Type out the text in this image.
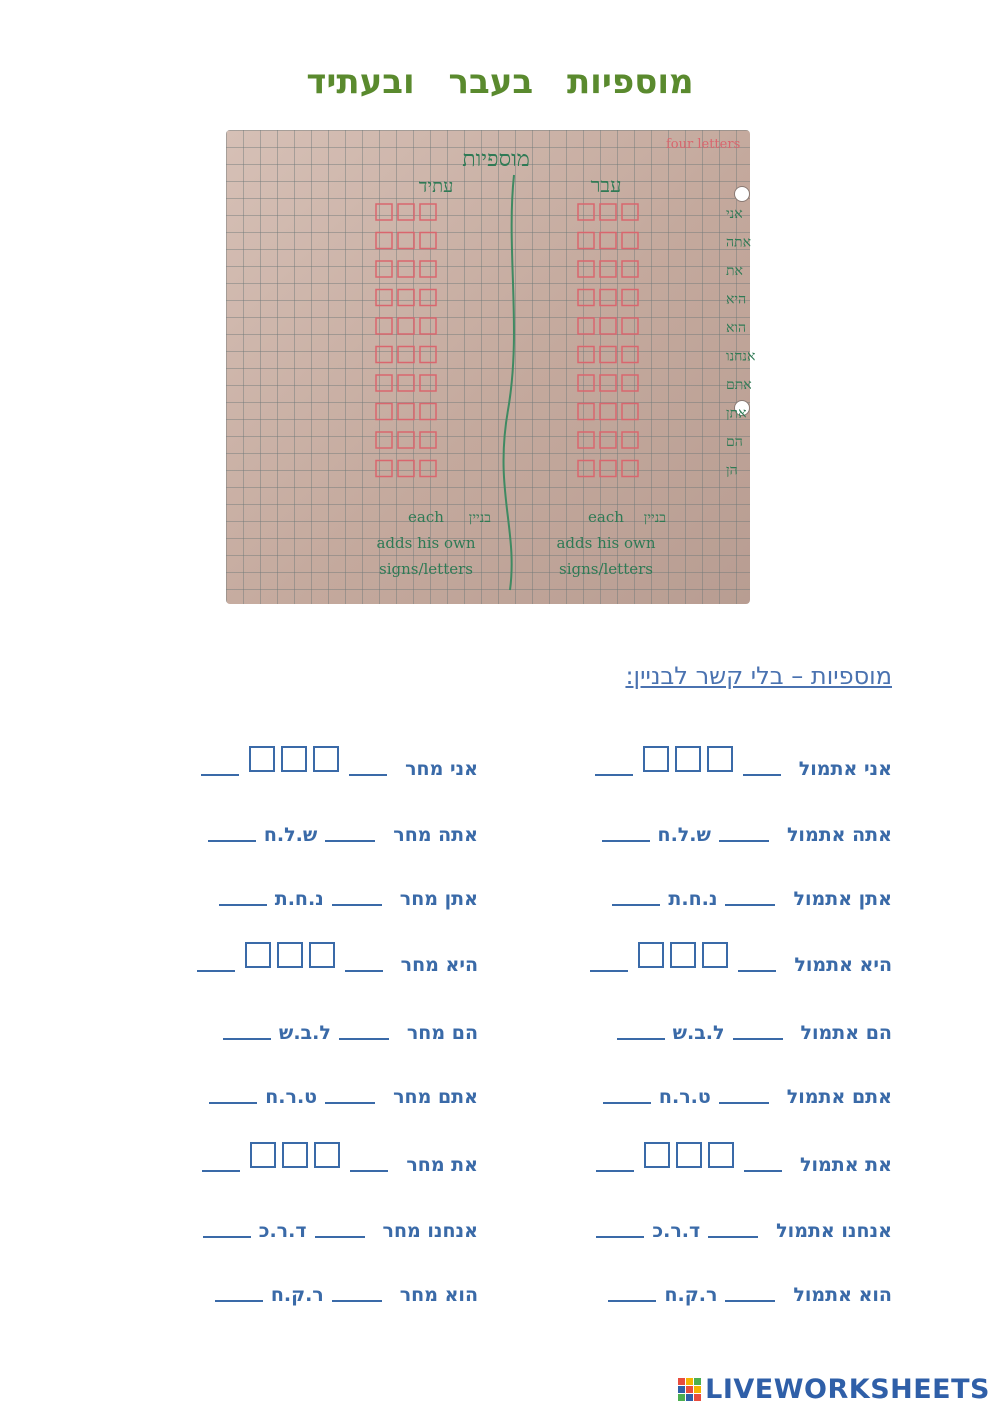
מוספיות בעבר ובעתיד
four letters
מוספיות
עבר
עתיד
אני
אתה
את
היא
הוא
אנחנו
אתם
אתן
הם
הן
each
adds his own
signs/letters
each
adds his own
signs/letters
בניין
בניין
מוספיות – בלי קשר לבניין:
אני אתמול
אני מחר
אתה אתמול
ש.ל.ח
אתה מחר
ש.ל.ח
אתן אתמול
נ.ח.ת
אתן מחר
נ.ח.ת
היא אתמול
היא מחר
הם אתמול
ל.ב.ש
הם מחר
ל.ב.ש
אתם אתמול
ט.ר.ח
אתם מחר
ט.ר.ח
את אתמול
את מחר
אנחנו אתמול
ד.ר.כ
אנחנו מחר
ד.ר.כ
הוא אתמול
ר.ק.ח
הוא מחר
ר.ק.ח
LIVEWORKSHEETS
